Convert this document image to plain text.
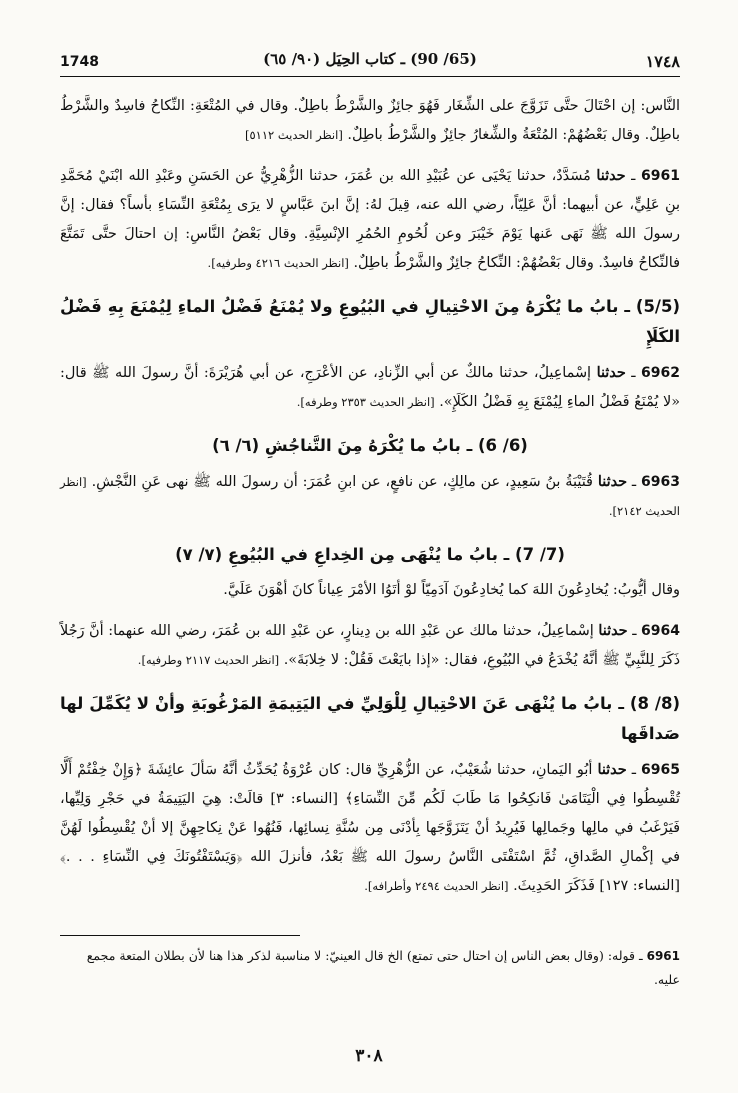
1748	(65/ 90) ـ كتاب الحِيَل (٩٠/ ٦٥)	١٧٤٨

النَّاس: إن احْتَالَ حتَّى تَزَوَّجَ على الشِّغَار فَهُوَ جائِزٌ والشَّرْطُ باطِلٌ. وقال في المُتْعَةِ: النِّكاحُ فاسِدٌ والشَّرْطُ باطِلٌ. وقال بَعْضُهُمْ: المُتْعَةُ والشِّغارُ جائِزٌ والشَّرْطُ باطِلٌ. [انظر الحديث ٥١١٢]

6961 ـ حدثنا مُسَدَّدٌ، حدثنا يَحْيَى عن عُبَيْدِ الله بن عُمَرَ، حدثنا الزُّهْرِيُّ عن الحَسَنِ وعَبْدِ الله ابْنَيْ مُحَمَّدِ بنِ عَلِيٍّ، عن أبيهما: أنَّ عَلِيّاً، رضي الله عنه، قِيلَ لهُ: إنَّ ابنَ عَبَّاسٍ لا يرَى بِمُتْعَةِ النِّسَاءِ بأساً؟ فقال: إنَّ رسولَ الله ﷺ نَهَى عَنها يَوْمَ خَيْبَرَ وعن لُحُومِ الحُمُرِ الإنْسِيَّةِ. وقال بَعْضُ النَّاسِ: إن احتالَ حتَّى تَمَتَّعَ فالنِّكاحُ فاسِدٌ. وقال بَعْضُهُمْ: النِّكاحُ جائِزٌ والشَّرْطُ باطِلٌ. [انظر الحديث ٤٢١٦ وطرفيه].

(5/5) ـ بابُ ما يُكْرَهُ مِنَ الاحْتِيالِ في البُيُوعِ ولا يُمْنَعُ فَضْلُ الماءِ لِيُمْنَعَ بِهِ فَضْلُ الكَلَإِ

6962 ـ حدثنا إسْماعِيلُ، حدثنا مالكٌ عن أبي الزِّنادِ، عن الأعْرَجِ، عن أبي هُرَيْرَةَ: أنَّ رسولَ الله ﷺ قال: «لا يُمْنَعُ فَضْلُ الماءِ لِيُمْنَعَ بِهِ فَضْلُ الكَلَإِ». [انظر الحديث ٢٣٥٣ وطرفه].

(6/ 6) ـ بابُ ما يُكْرَهُ مِنَ التَّناجُشِ (٦/ ٦)

6963 ـ حدثنا قُتَيْبَةُ بنُ سَعِيدٍ، عن مالِكٍ، عن نافعٍ، عن ابنِ عُمَرَ: أن رسولَ الله ﷺ نهى عَنِ النَّجْشِ. [انظر الحديث ٢١٤٢].

(7/ 7) ـ بابُ ما يُنْهَى مِن الخِداعِ في البُيُوعِ (٧/ ٧)

وقال أيُّوبُ: يُخادِعُونَ اللهَ كما يُخادِعُونَ آدَمِيّاً لوْ أتَوُا الأمْرَ عِياناً كانَ أهْوَنَ عَلَيَّ.

6964 ـ حدثنا إسْماعِيلُ، حدثنا مالك عن عَبْدِ الله بن دِينارٍ، عن عَبْدِ الله بن عُمَرَ، رضي الله عنهما: أنَّ رَجُلاً ذَكَرَ لِلنَّبِيِّ ﷺ أنَّهُ يُخْدَعُ في البُيُوعِ، فقال: «إذا بايَعْتَ فَقُلْ: لا خِلابَةَ». [انظر الحديث ٢١١٧ وطرفيه].

(8/ 8) ـ بابُ ما يُنْهَى عَنَ الاحْتِيالِ لِلْوَلِيِّ في اليَتِيمَةِ المَرْغُوبَةِ وأنْ لا يُكَمِّلَ لها صَداقَها

6965 ـ حدثنا أبُو اليَمانِ، حدثنا شُعَيْبٌ، عن الزُّهْرِيِّ قال: كان عُرْوَةُ يُحَدِّثُ أنَّهُ سَألَ عائِشَةَ ﴿وَإِنْ خِفْتُمْ أَلَّا تُقْسِطُوا فِي الْيَتَامَىٰ فَانكِحُوا مَا طَابَ لَكُم مِّنَ النِّسَاءِ﴾ [النساء: ٣] قالَتْ: هِيَ اليَتِيمَةُ في حَجْرِ وَلِيِّها، فَيَرْغَبُ في مالِها وجَمالِها فَيُرِيدُ أنْ يَتَزَوَّجَها بِأدْنَى مِن سُنَّةِ نِسائِها، فَنُهُوا عَنْ نِكاحِهِنَّ إلا أنْ يُقْسِطُوا لَهُنَّ في إكْمالِ الصَّداقِ، ثُمَّ اسْتَفْتَى النَّاسُ رسولَ الله ﷺ بَعْدُ، فأنزلَ الله ﴿وَيَسْتَفْتُونَكَ فِي النِّسَاءِ . . .﴾ [النساء: ١٢٧] فَذَكَرَ الحَدِيثَ. [انظر الحديث ٢٤٩٤ وأطرافه].

6961 ـ قوله: (وقال بعض الناس إن احتال حتى تمتع) الخ قال العينيّ: لا مناسبة لذكر هذا هنا لأن بطلان المتعة مجمع عليه.
٣٠٨
